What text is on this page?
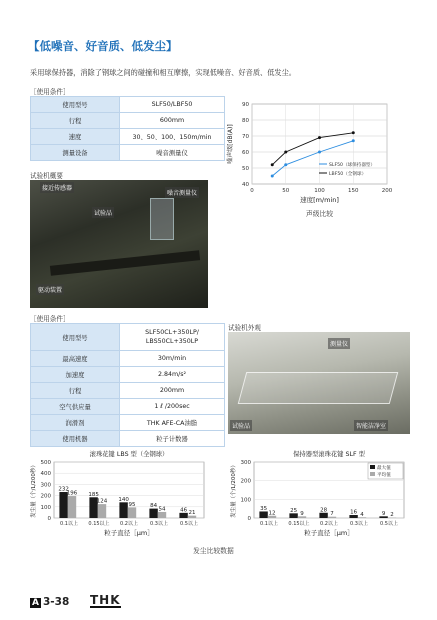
【低噪音、好音质、低发尘】
采用球保持器，消除了钢球之间的碰撞和相互摩擦，实现低噪音、好音质、低发尘。
［使用条件］
使用型号	SLF50/LBF50
行程	600mm
速度	30、50、100、150m/min
测量设备	噪音测量仪
试验机概要
接近传感器
噪音测量仪
试验品
驱动装置
40
50
60
70
80
90
0	50	100	150	200
速度[m/min]
噪声级[dB(A)]
SLF50（球保持器型）
LBF50（全钢球）
声级比较
［使用条件］
使用型号	SLF50CL+350LP/
LBS50CL+350LP
最高速度	30m/min
加速度	2.84m/s²
行程	200mm
空气供应量	1 ℓ /200sec
润滑剂	THK AFE-CA油脂
使用机器	粒子计数器
试验机外观
测量仪
试验品	智能洁净室
滚珠花键 LBS 型（全钢球）
0
100
200
300
400
500
发尘量（个/L/200秒）	232
196
0.1以上
185
124
0.15以上
140
95
0.2以上
84
54
0.3以上
46 21
0.5以上
粒子直径［μm］
保持器型滚珠花键 SLF 型
0
100
200
300
发尘量（个/L/200秒）	35
12
0.1以上
25 9
0.15以上
28
7
0.2以上
16 4
0.3以上
9 2
0.5以上
粒子直径［μm］
最大值
平均值
发尘比较数据
A 3-38 THK
